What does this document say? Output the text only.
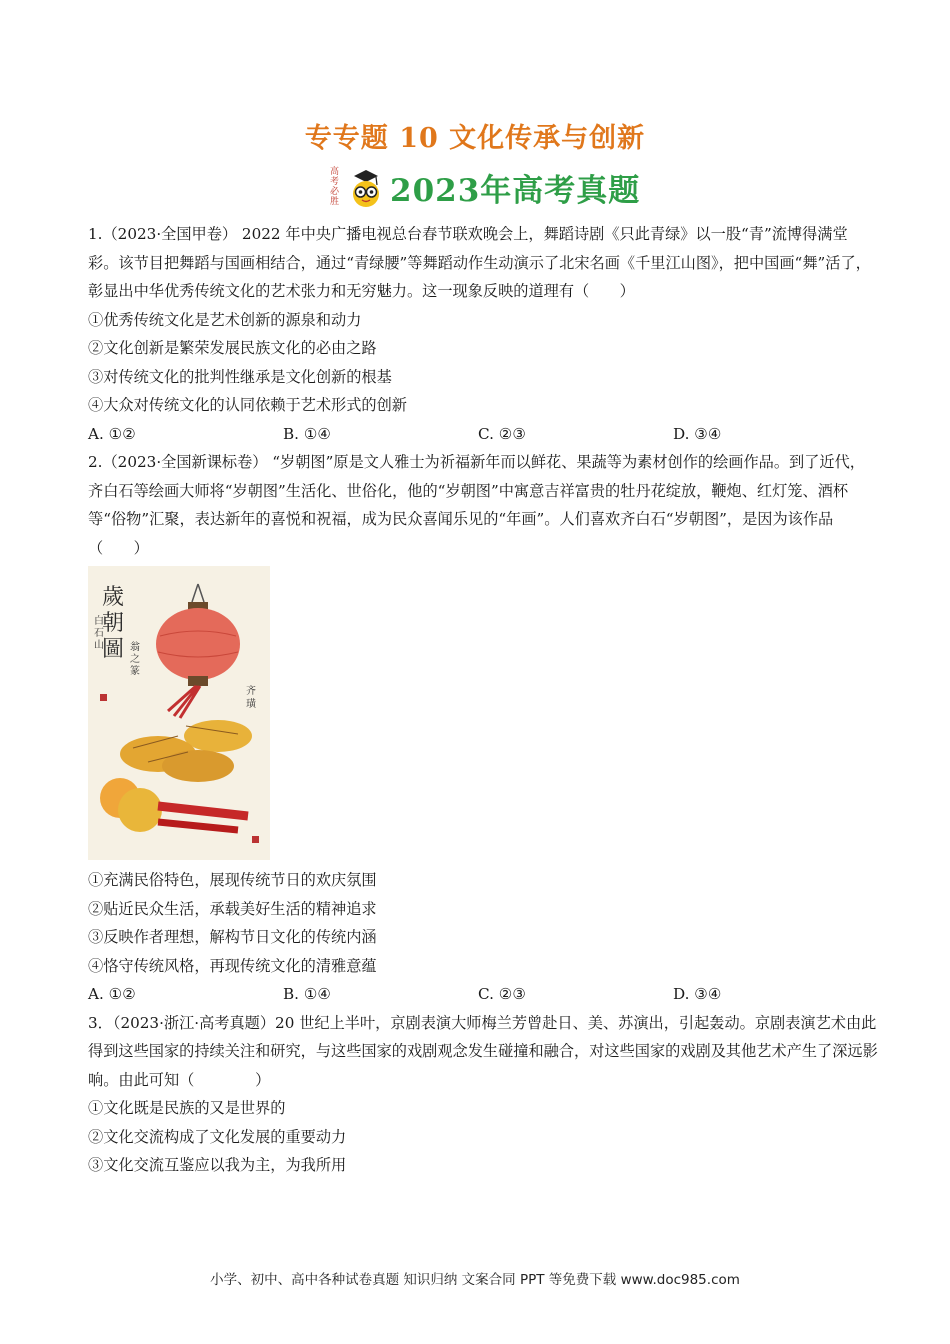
专专题 10 文化传承与创新
高考必胜 2023年高考真题

1.（2023·全国甲卷） 2022 年中央广播电视总台春节联欢晚会上，舞蹈诗剧《只此青绿》以一股“青”流博得满堂彩。该节目把舞蹈与国画相结合，通过“青绿腰”等舞蹈动作生动演示了北宋名画《千里江山图》，把中国画“舞”活了，彰显出中华优秀传统文化的艺术张力和无穷魅力。这一现象反映的道理有（　　）

①优秀传统文化是艺术创新的源泉和动力

②文化创新是繁荣发展民族文化的必由之路

③对传统文化的批判性继承是文化创新的根基

④大众对传统文化的认同依赖于艺术形式的创新

A. ①②	B. ①④	C. ②③	D. ③④

2.（2023·全国新课标卷） “岁朝图”原是文人雅士为祈福新年而以鲜花、果蔬等为素材创作的绘画作品。到了近代，齐白石等绘画大师将“岁朝图”生活化、世俗化，他的“岁朝图”中寓意吉祥富贵的牡丹花绽放，鞭炮、红灯笼、酒杯等“俗物”汇聚，表达新年的喜悦和祝福，成为民众喜闻乐见的“年画”。人们喜欢齐白石“岁朝图”，是因为该作品（　　）

歲
朝
圖
白
石
山	翁
之
篆
齐
璜

①充满民俗特色，展现传统节日的欢庆氛围

②贴近民众生活，承载美好生活的精神追求

③反映作者理想，解构节日文化的传统内涵

④恪守传统风格，再现传统文化的清雅意蕴

A. ①②	B. ①④	C. ②③	D. ③④

3．（2023·浙江·高考真题）20 世纪上半叶，京剧表演大师梅兰芳曾赴日、美、苏演出，引起轰动。京剧表演艺术由此得到这些国家的持续关注和研究，与这些国家的戏剧观念发生碰撞和融合，对这些国家的戏剧及其他艺术产生了深远影响。由此可知（　　　　）

①文化既是民族的又是世界的

②文化交流构成了文化发展的重要动力

③文化交流互鉴应以我为主，为我所用

小学、初中、高中各种试卷真题 知识归纳 文案合同 PPT 等免费下载 www.doc985.com
